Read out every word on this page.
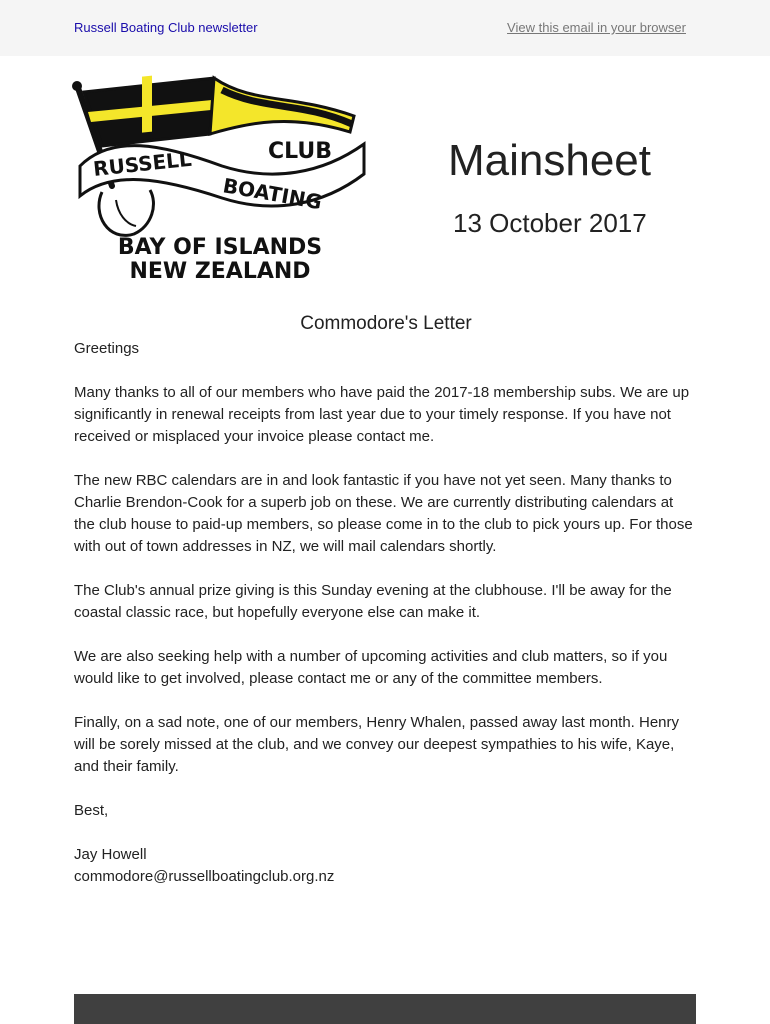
Russell Boating Club newsletter	View this email in your browser
CLUB
RUSSELL
BOATING
BAY OF ISLANDS
NEW ZEALAND
Mainsheet
13 October 2017
Commodore's Letter

Greetings

Many thanks to all of our members who have paid the 2017-18 membership subs. We are up significantly in renewal receipts from last year due to your timely response. If you have not received or misplaced your invoice please contact me.

The new RBC calendars are in and look fantastic if you have not yet seen. Many thanks to Charlie Brendon-Cook for a superb job on these. We are currently distributing calendars at the club house to paid-up members, so please come in to the club to pick yours up. For those with out of town addresses in NZ, we will mail calendars shortly.

The Club's annual prize giving is this Sunday evening at the clubhouse. I'll be away for the coastal classic race, but hopefully everyone else can make it.

We are also seeking help with a number of upcoming activities and club matters, so if you would like to get involved, please contact me or any of the committee members.

Finally, on a sad note, one of our members, Henry Whalen, passed away last month. Henry will be sorely missed at the club, and we convey our deepest sympathies to his wife, Kaye, and their family.

Best,

Jay Howell
commodore@russellboatingclub.org.nz
